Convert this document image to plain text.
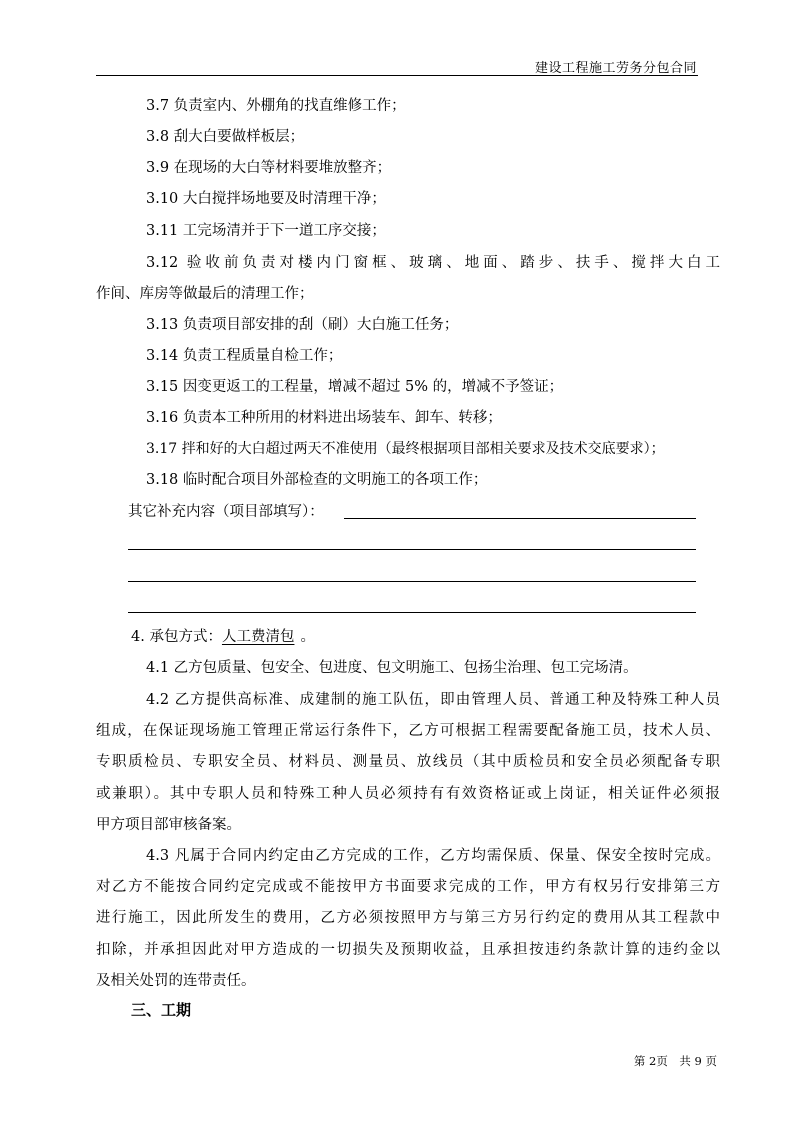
建设工程施工劳务分包合同
3.7 负责室内、外棚角的找直维修工作；
3.8 刮大白要做样板层；
3.9 在现场的大白等材料要堆放整齐；
3.10 大白搅拌场地要及时清理干净；
3.11 工完场清并于下一道工序交接；
3.12 验收前负责对楼内门窗框、玻璃、地面、踏步、扶手、搅拌大白工
作间、库房等做最后的清理工作；
3.13 负责项目部安排的刮（刷）大白施工任务；
3.14 负责工程质量自检工作；
3.15 因变更返工的工程量，增减不超过 5% 的，增减不予签证；
3.16 负责本工种所用的材料进出场装车、卸车、转移；
3.17 拌和好的大白超过两天不准使用（最终根据项目部相关要求及技术交底要求）；
3.18 临时配合项目外部检查的文明施工的各项工作；
其它补充内容（项目部填写）：
4. 承包方式：人工费清包 。
4.1 乙方包质量、包安全、包进度、包文明施工、包扬尘治理、包工完场清。
4.2 乙方提供高标准、成建制的施工队伍，即由管理人员、普通工种及特殊工种人员
组成，在保证现场施工管理正常运行条件下，乙方可根据工程需要配备施工员，技术人员、
专职质检员、专职安全员、材料员、测量员、放线员（其中质检员和安全员必须配备专职
或兼职）。其中专职人员和特殊工种人员必须持有有效资格证或上岗证，相关证件必须报
甲方项目部审核备案。
4.3 凡属于合同内约定由乙方完成的工作，乙方均需保质、保量、保安全按时完成。
对乙方不能按合同约定完成或不能按甲方书面要求完成的工作，甲方有权另行安排第三方
进行施工，因此所发生的费用，乙方必须按照甲方与第三方另行约定的费用从其工程款中
扣除，并承担因此对甲方造成的一切损失及预期收益，且承担按违约条款计算的违约金以
及相关处罚的连带责任。
三、工期
第 2页　共 9 页
